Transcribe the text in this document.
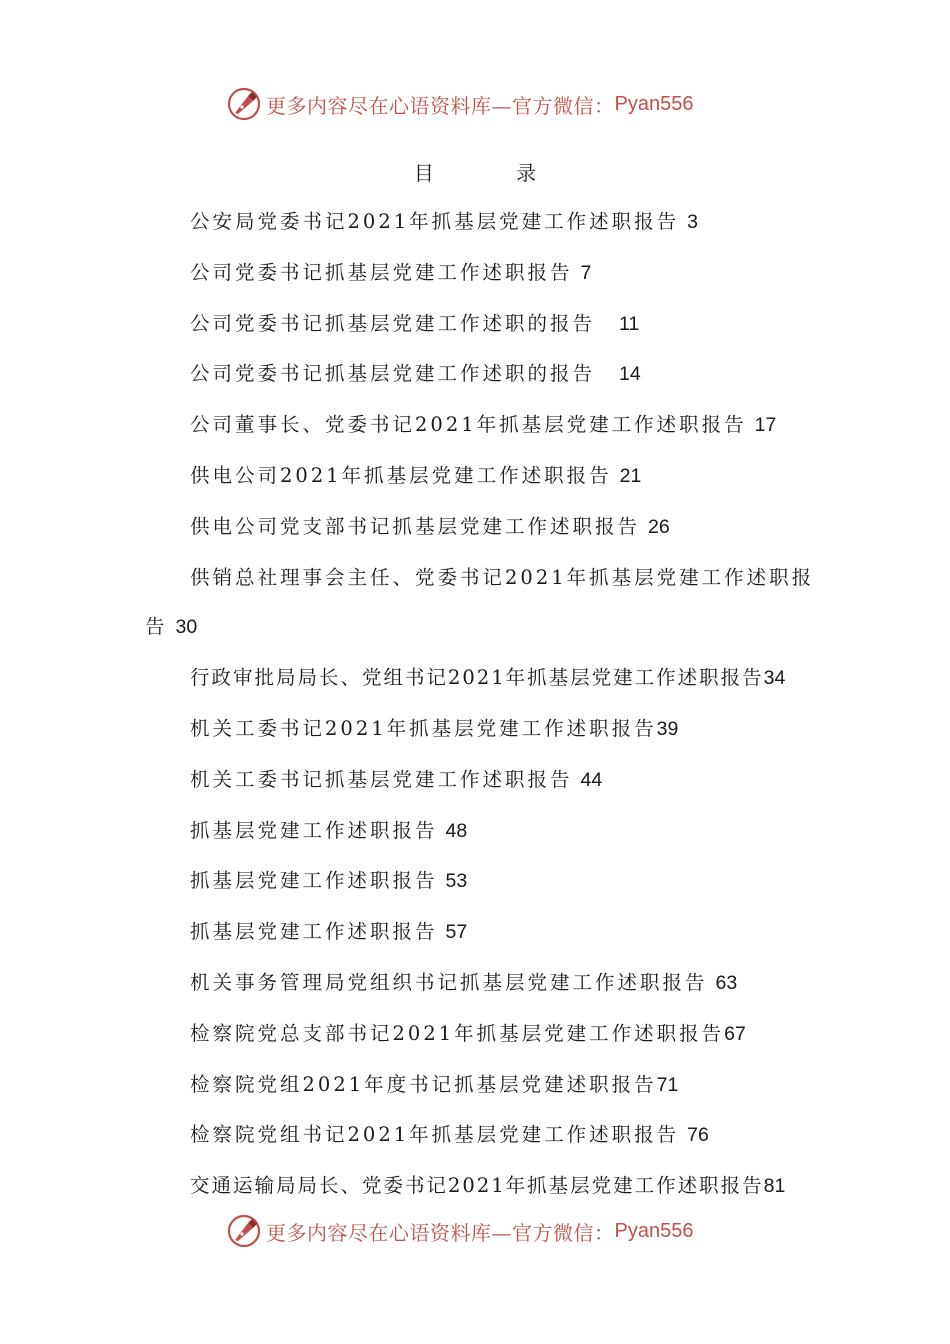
更多内容尽在心语资料库—官方微信： Pyan556
目 录
公安局党委书记2021年抓基层党建工作述职报告 3
公司党委书记抓基层党建工作述职报告 7
公司党委书记抓基层党建工作述职的报告 11
公司党委书记抓基层党建工作述职的报告 14
公司董事长、党委书记2021年抓基层党建工作述职报告 17
供电公司2021年抓基层党建工作述职报告 21
供电公司党支部书记抓基层党建工作述职报告 26
供销总社理事会主任、党委书记2021年抓基层党建工作述职报
告 30
行政审批局局长、党组书记2021年抓基层党建工作述职报告34
机关工委书记2021年抓基层党建工作述职报告39
机关工委书记抓基层党建工作述职报告 44
抓基层党建工作述职报告 48
抓基层党建工作述职报告 53
抓基层党建工作述职报告 57
机关事务管理局党组织书记抓基层党建工作述职报告 63
检察院党总支部书记2021年抓基层党建工作述职报告67
检察院党组2021年度书记抓基层党建述职报告71
检察院党组书记2021年抓基层党建工作述职报告 76
交通运输局局长、党委书记2021年抓基层党建工作述职报告81
更多内容尽在心语资料库—官方微信： Pyan556
